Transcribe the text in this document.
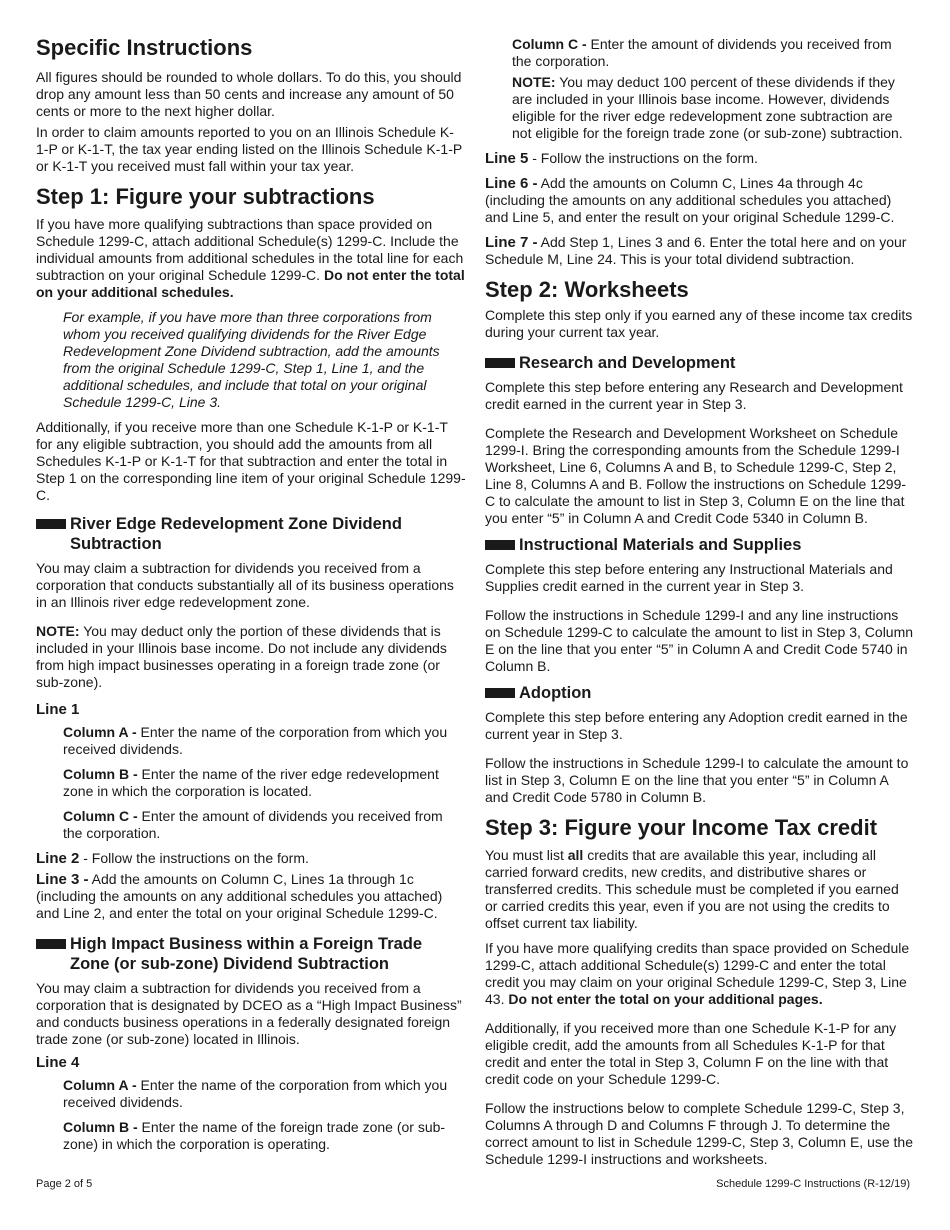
Specific Instructions

All figures should be rounded to whole dollars. To do this, you should drop any amount less than 50 cents and increase any amount of 50 cents or more to the next higher dollar.

In order to claim amounts reported to you on an Illinois Schedule K-1-P or K-1-T, the tax year ending listed on the Illinois Schedule K-1-P or K-1-T you received must fall within your tax year.

Step 1: Figure your subtractions

If you have more qualifying subtractions than space provided on Schedule 1299-C, attach additional Schedule(s) 1299-C. Include the individual amounts from additional schedules in the total line for each subtraction on your original Schedule 1299-C. Do not enter the total on your additional schedules.

For example, if you have more than three corporations from whom you received qualifying dividends for the River Edge Redevelopment Zone Dividend subtraction, add the amounts from the original Schedule 1299-C, Step 1, Line 1, and the additional schedules, and include that total on your original Schedule 1299-C, Line 3.

Additionally, if you receive more than one Schedule K-1-P or K-1-T for any eligible subtraction, you should add the amounts from all Schedules K-1-P or K-1-T for that subtraction and enter the total in Step 1 on the corresponding line item of your original Schedule 1299-C.

River Edge Redevelopment Zone Dividend Subtraction

You may claim a subtraction for dividends you received from a corporation that conducts substantially all of its business operations in an Illinois river edge redevelopment zone.

NOTE: You may deduct only the portion of these dividends that is included in your Illinois base income. Do not include any dividends from high impact businesses operating in a foreign trade zone (or sub-zone).

Line 1

Column A - Enter the name of the corporation from which you received dividends.

Column B - Enter the name of the river edge redevelopment zone in which the corporation is located.

Column C - Enter the amount of dividends you received from the corporation.

Line 2 - Follow the instructions on the form.

Line 3 - Add the amounts on Column C, Lines 1a through 1c (including the amounts on any additional schedules you attached) and Line 2, and enter the total on your original Schedule 1299-C.

High Impact Business within a Foreign Trade Zone (or sub-zone) Dividend Subtraction

You may claim a subtraction for dividends you received from a corporation that is designated by DCEO as a “High Impact Business” and conducts business operations in a federally designated foreign trade zone (or sub-zone) located in Illinois.

Line 4

Column A - Enter the name of the corporation from which you received dividends.

Column B - Enter the name of the foreign trade zone (or sub-zone) in which the corporation is operating.

Column C - Enter the amount of dividends you received from the corporation.

NOTE: You may deduct 100 percent of these dividends if they are included in your Illinois base income. However, dividends eligible for the river edge redevelopment zone subtraction are not eligible for the foreign trade zone (or sub-zone) subtraction.

Line 5 - Follow the instructions on the form.

Line 6 - Add the amounts on Column C, Lines 4a through 4c (including the amounts on any additional schedules you attached) and Line 5, and enter the result on your original Schedule 1299-C.

Line 7 - Add Step 1, Lines 3 and 6. Enter the total here and on your Schedule M, Line 24. This is your total dividend subtraction.

Step 2: Worksheets

Complete this step only if you earned any of these income tax credits during your current tax year.

Research and Development

Complete this step before entering any Research and Development credit earned in the current year in Step 3.

Complete the Research and Development Worksheet on Schedule 1299-I. Bring the corresponding amounts from the Schedule 1299-I Worksheet, Line 6, Columns A and B, to Schedule 1299-C, Step 2, Line 8, Columns A and B. Follow the instructions on Schedule 1299-C to calculate the amount to list in Step 3, Column E on the line that you enter “5” in Column A and Credit Code 5340 in Column B.

Instructional Materials and Supplies

Complete this step before entering any Instructional Materials and Supplies credit earned in the current year in Step 3.

Follow the instructions in Schedule 1299-I and any line instructions on Schedule 1299-C to calculate the amount to list in Step 3, Column E on the line that you enter “5” in Column A and Credit Code 5740 in Column B.

Adoption

Complete this step before entering any Adoption credit earned in the current year in Step 3.

Follow the instructions in Schedule 1299-I to calculate the amount to list in Step 3, Column E on the line that you enter “5” in Column A and Credit Code 5780 in Column B.

Step 3: Figure your Income Tax credit

You must list all credits that are available this year, including all carried forward credits, new credits, and distributive shares or transferred credits. This schedule must be completed if you earned or carried credits this year, even if you are not using the credits to offset current tax liability.

If you have more qualifying credits than space provided on Schedule 1299-C, attach additional Schedule(s) 1299-C and enter the total credit you may claim on your original Schedule 1299-C, Step 3, Line 43. Do not enter the total on your additional pages.

Additionally, if you received more than one Schedule K-1-P for any eligible credit, add the amounts from all Schedules K-1-P for that credit and enter the total in Step 3, Column F on the line with that credit code on your Schedule 1299-C.

Follow the instructions below to complete Schedule 1299-C, Step 3, Columns A through D and Columns F through J. To determine the correct amount to list in Schedule 1299-C, Step 3, Column E, use the Schedule 1299-I instructions and worksheets.

Page 2 of 5	Schedule 1299-C Instructions (R-12/19)
